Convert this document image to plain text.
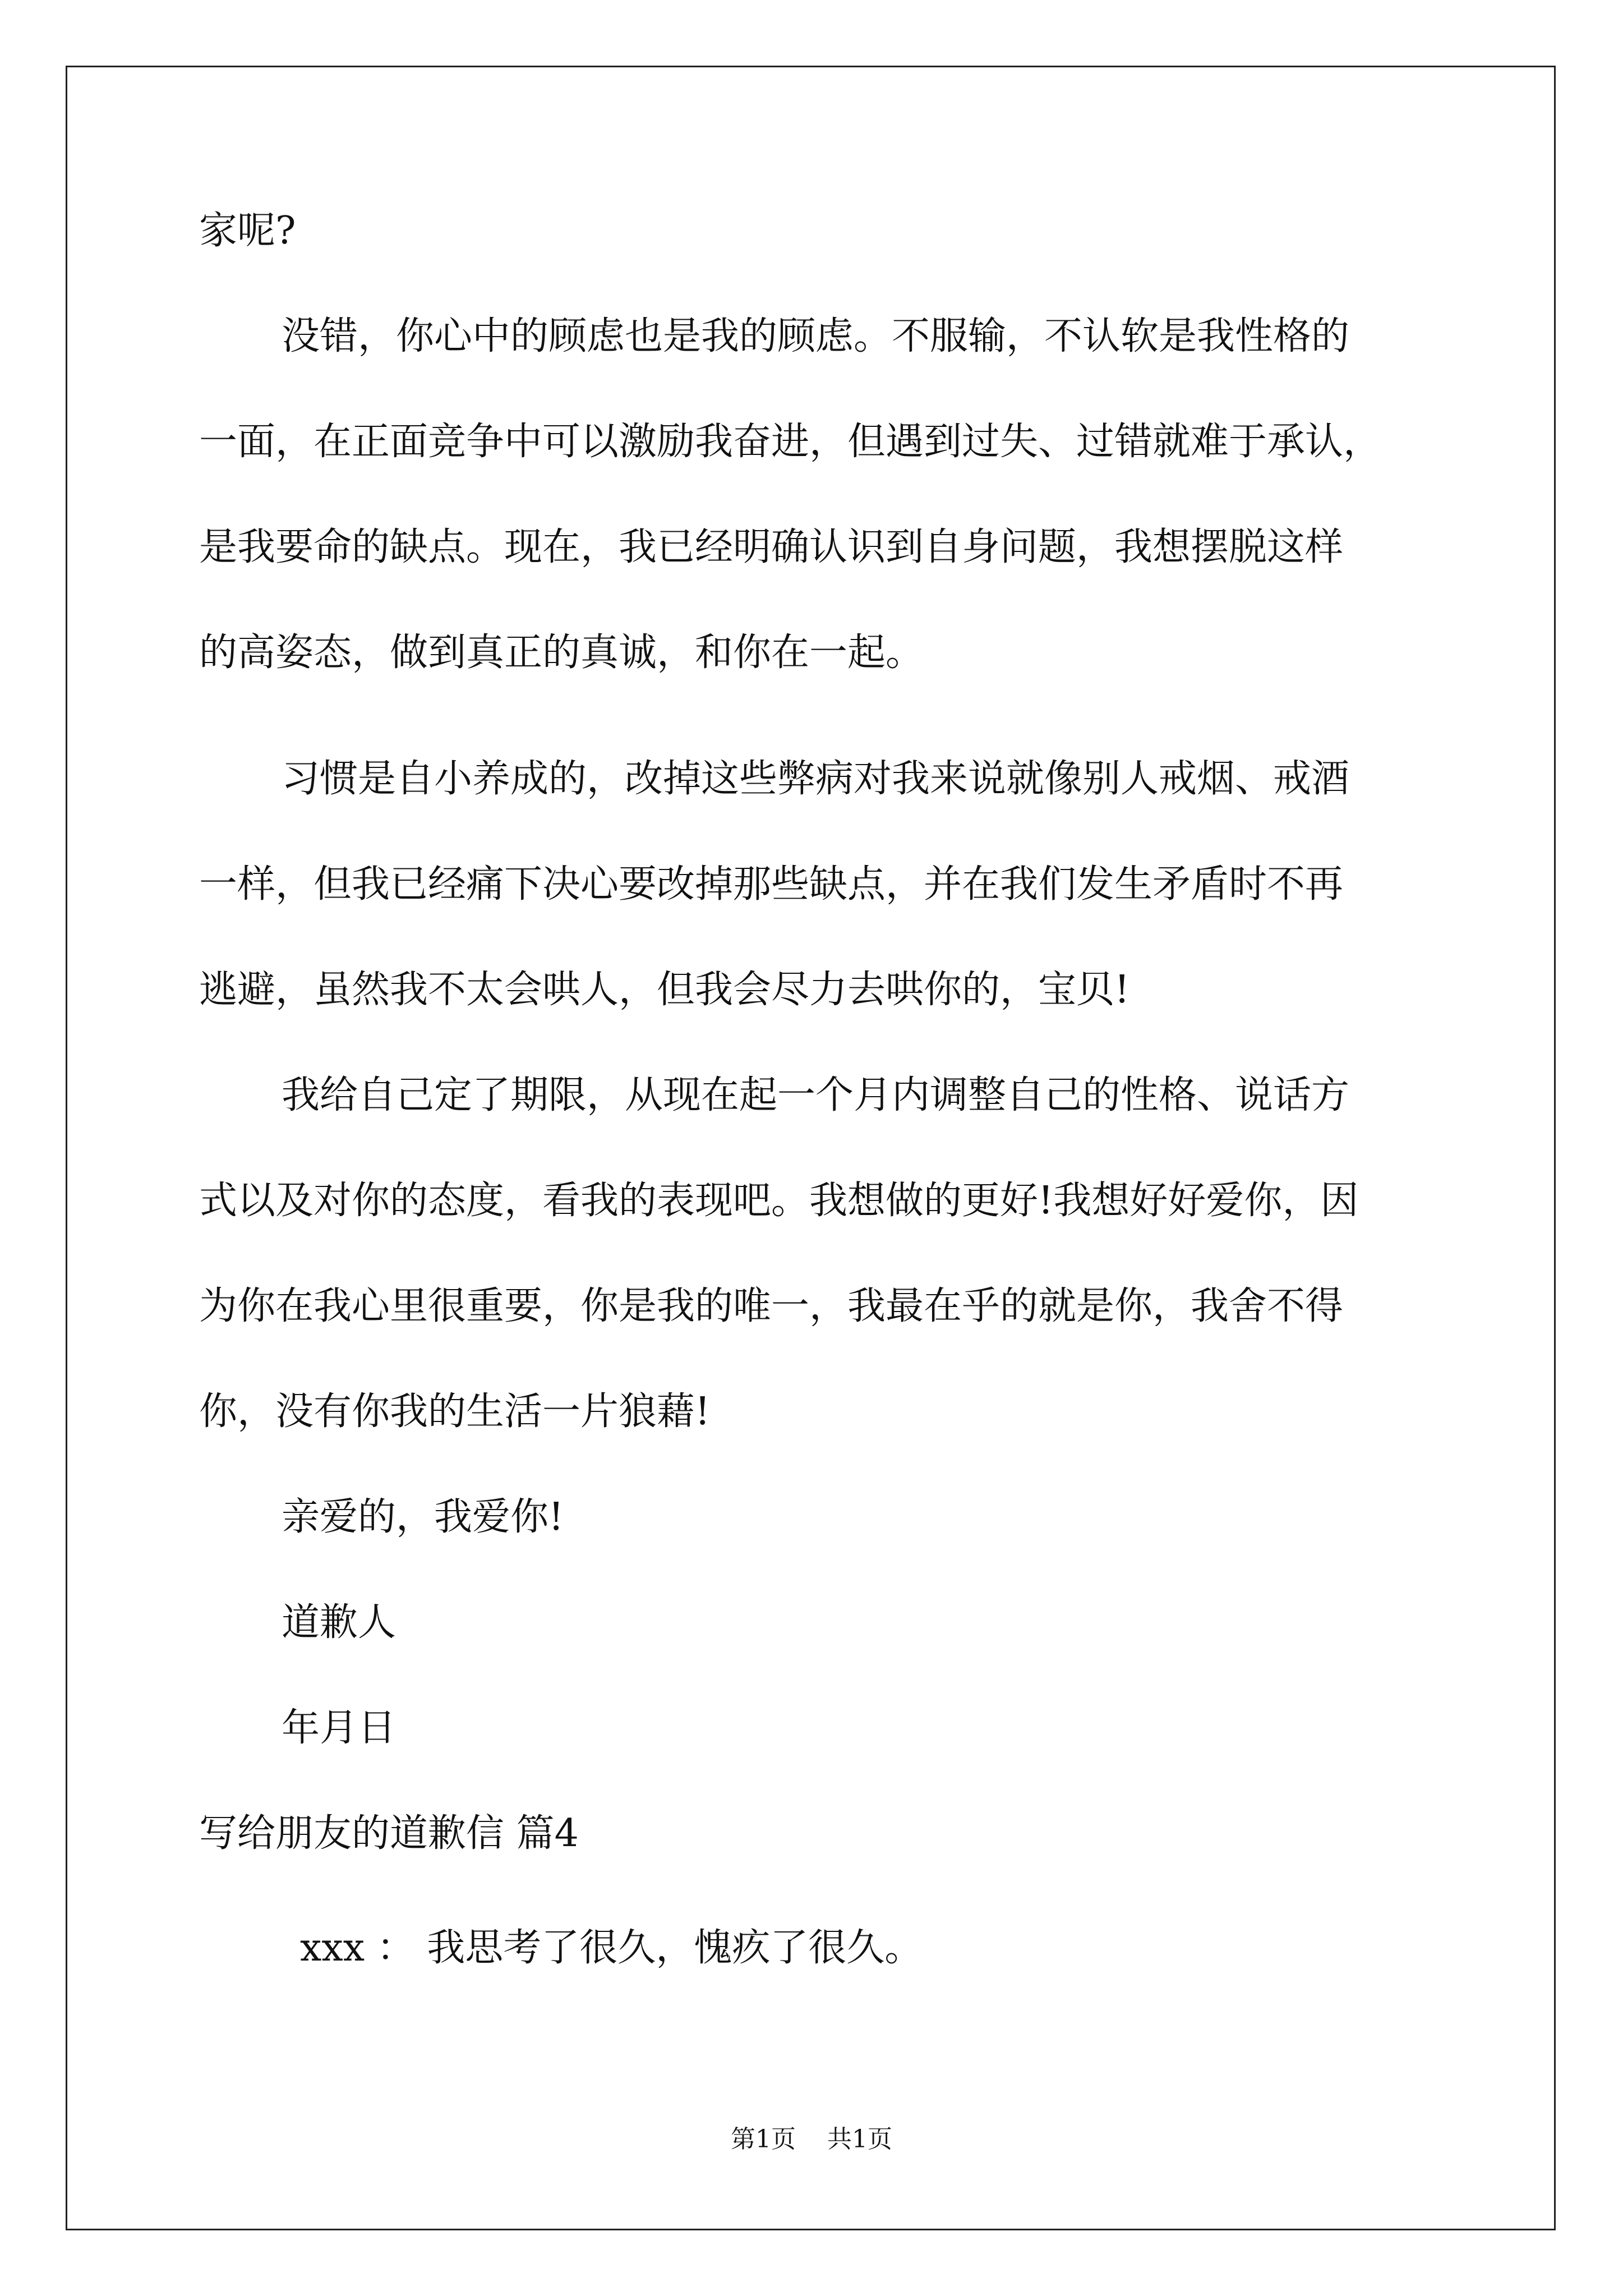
家呢?
没错，你心中的顾虑也是我的顾虑。不服输，不认软是我性格的
一面，在正面竞争中可以激励我奋进，但遇到过失、过错就难于承认，
是我要命的缺点。现在，我已经明确认识到自身问题，我想摆脱这样
的高姿态，做到真正的真诚，和你在一起。
习惯是自小养成的，改掉这些弊病对我来说就像别人戒烟、戒酒
一样，但我已经痛下决心要改掉那些缺点，并在我们发生矛盾时不再
逃避，虽然我不太会哄人，但我会尽力去哄你的，宝贝!
我给自己定了期限，从现在起一个月内调整自己的性格、说话方
式以及对你的态度，看我的表现吧。我想做的更好!我想好好爱你，因
为你在我心里很重要，你是我的唯一，我最在乎的就是你，我舍不得
你，没有你我的生活一片狼藉!
亲爱的，我爱你!
道歉人
年月日
写给朋友的道歉信 篇4
xxx ： 我思考了很久，愧疚了很久。
第1页 共1页
